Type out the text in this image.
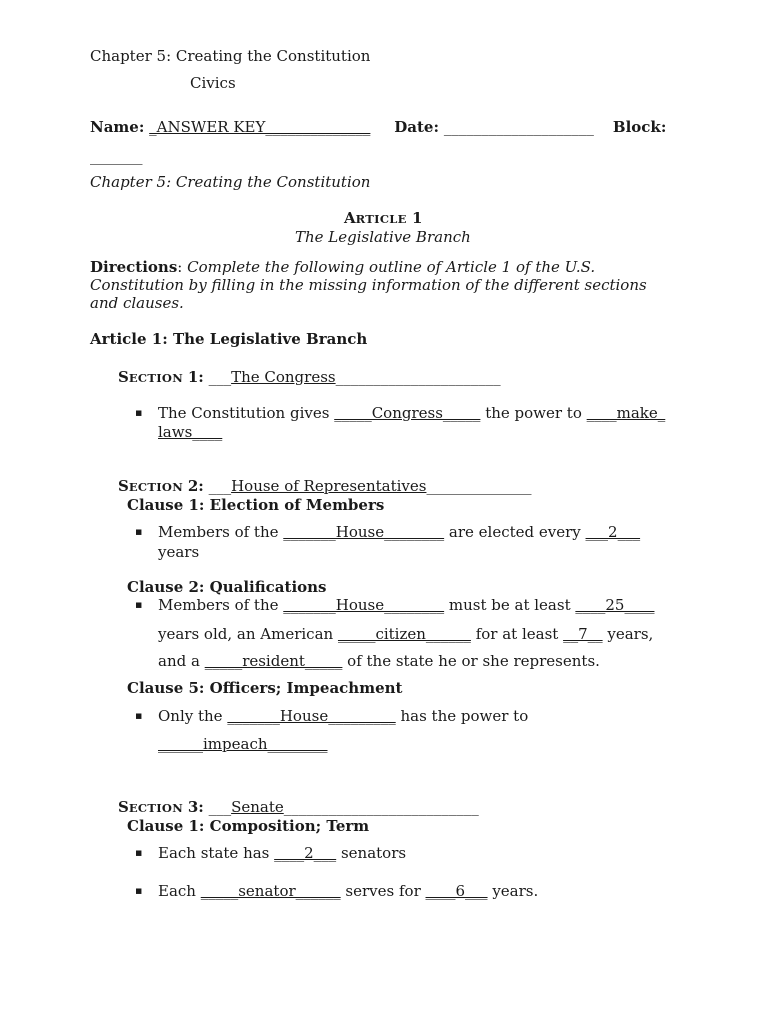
Chapter 5: Creating the Constitution
Civics
Name: _ANSWER KEY______________ Date: ____________________ Block:
_______
Chapter 5: Creating the Constitution
ARTICLE 1
The Legislative Branch
Directions: Complete the following outline of Article 1 of the U.S.
Constitution by filling in the missing information of the different sections
and clauses.
Article 1: The Legislative Branch
SECTION 1: ___The Congress______________________
▪ The Constitution gives _____Congress_____ the power to ____make_
laws____
SECTION 2: ___House of Representatives______________
Clause 1: Election of Members
▪ Members of the _______House________ are elected every ___2___
years
Clause 2: Qualifications
▪ Members of the _______House________ must be at least ____25____
years old, an American _____citizen______ for at least __7__ years,
and a _____resident_____ of the state he or she represents.
Clause 5: Officers; Impeachment
▪ Only the _______House_________ has the power to
______impeach________
SECTION 3: ___Senate__________________________
Clause 1: Composition; Term
▪ Each state has ____2___ senators
▪ Each _____senator______ serves for ____6___ years.
